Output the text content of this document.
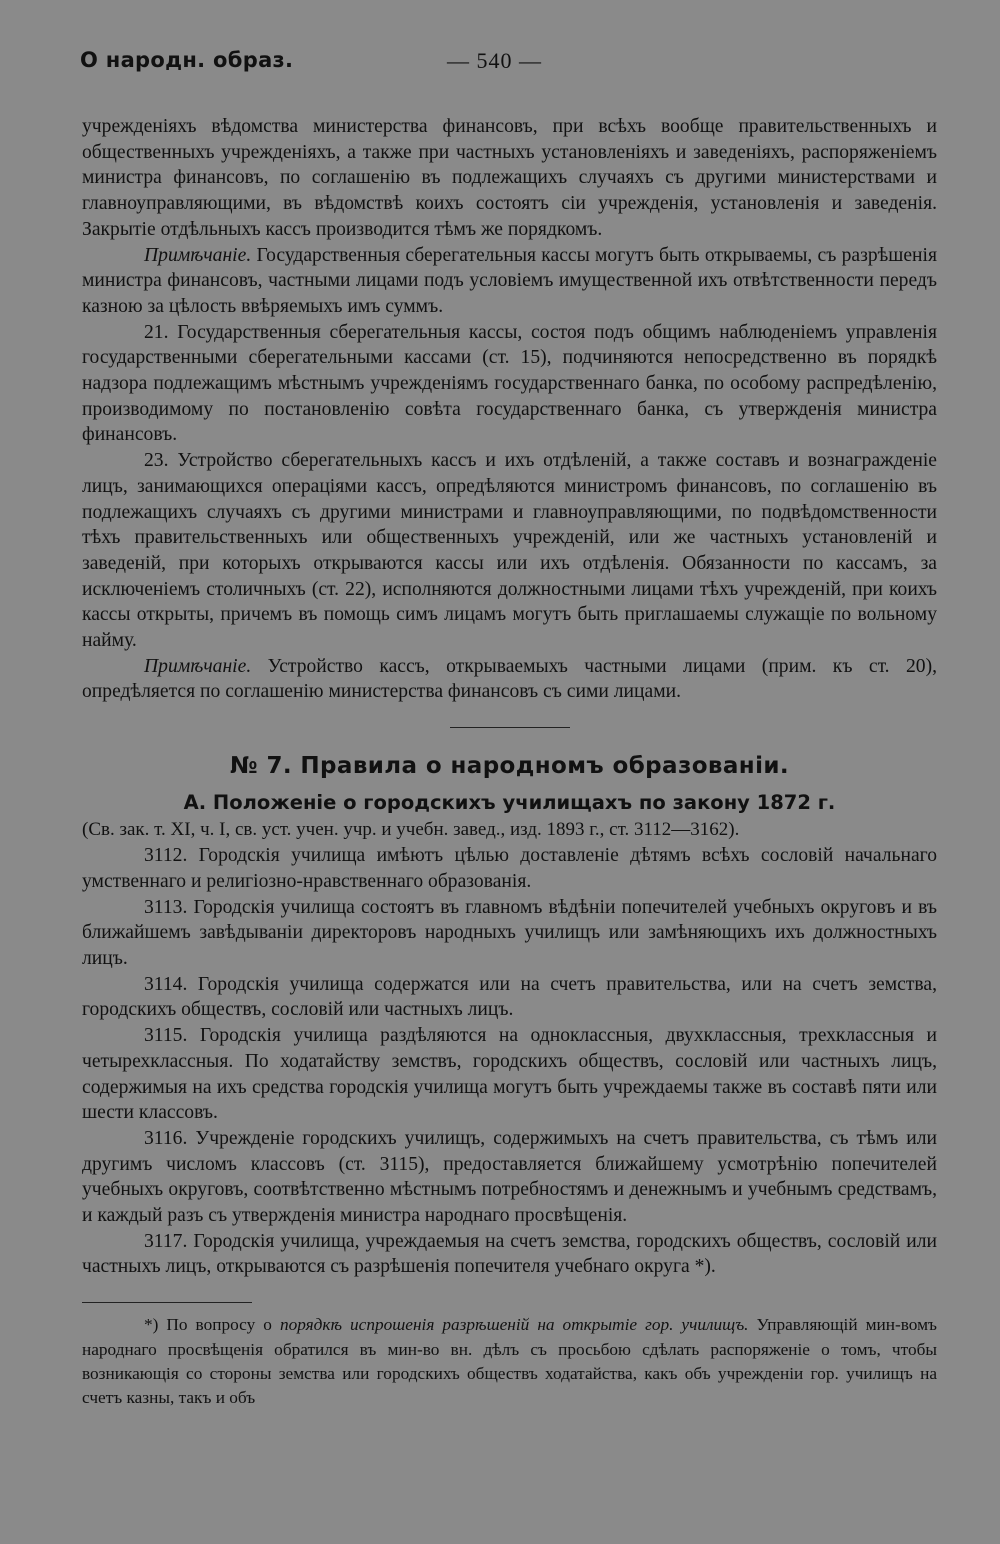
О народн. образ.	— 540 —

учрежденіяхъ вѣдомства министерства финансовъ, при всѣхъ вообще правительственныхъ и общественныхъ учрежденіяхъ, а также при частныхъ установленіяхъ и заведеніяхъ, распоряженіемъ министра финансовъ, по соглашенію въ подлежащихъ случаяхъ съ другими министерствами и главноуправляющими, въ вѣдомствѣ коихъ состоятъ сіи учрежденія, установленія и заведенія. Закрытіе отдѣльныхъ кассъ производится тѣмъ же порядкомъ.

Примѣчаніе. Государственныя сберегательныя кассы могутъ быть открываемы, съ разрѣшенія министра финансовъ, частными лицами подъ условіемъ имущественной ихъ отвѣтственности передъ казною за цѣлость ввѣряемыхъ имъ суммъ.

21. Государственныя сберегательныя кассы, состоя подъ общимъ наблюденіемъ управленія государственными сберегательными кассами (ст. 15), подчиняются непосредственно въ порядкѣ надзора подлежащимъ мѣстнымъ учрежденіямъ государственнаго банка, по особому распредѣленію, производимому по постановленію совѣта государственнаго банка, съ утвержденія министра финансовъ.

23. Устройство сберегательныхъ кассъ и ихъ отдѣленій, а также составъ и вознагражденіе лицъ, занимающихся операціями кассъ, опредѣляются министромъ финансовъ, по соглашенію въ подлежащихъ случаяхъ съ другими министрами и главноуправляющими, по подвѣдомственности тѣхъ правительственныхъ или общественныхъ учрежденій, или же частныхъ установленій и заведеній, при которыхъ открываются кассы или ихъ отдѣленія. Обязанности по кассамъ, за исключеніемъ столичныхъ (ст. 22), исполняются должностными лицами тѣхъ учрежденій, при коихъ кассы открыты, причемъ въ помощь симъ лицамъ могутъ быть приглашаемы служащіе по вольному найму.

Примѣчаніе. Устройство кассъ, открываемыхъ частными лицами (прим. къ ст. 20), опредѣляется по соглашенію министерства финансовъ съ сими лицами.

№ 7. Правила о народномъ образованіи.
А. Положеніе о городскихъ училищахъ по закону 1872 г.

(Св. зак. т. XI, ч. I, св. уст. учен. учр. и учебн. завед., изд. 1893 г., ст. 3112—3162).

3112. Городскія училища имѣютъ цѣлью доставленіе дѣтямъ всѣхъ сословій начальнаго умственнаго и религіозно-нравственнаго образованія.

3113. Городскія училища состоятъ въ главномъ вѣдѣніи попечителей учебныхъ округовъ и въ ближайшемъ завѣдываніи директоровъ народныхъ училищъ или замѣняющихъ ихъ должностныхъ лицъ.

3114. Городскія училища содержатся или на счетъ правительства, или на счетъ земства, городскихъ обществъ, сословій или частныхъ лицъ.

3115. Городскія училища раздѣляются на одноклассныя, двухклассныя, трехклассныя и четырехклассныя. По ходатайству земствъ, городскихъ обществъ, сословій или частныхъ лицъ, содержимыя на ихъ средства городскія училища могутъ быть учреждаемы также въ составѣ пяти или шести классовъ.

3116. Учрежденіе городскихъ училищъ, содержимыхъ на счетъ правительства, съ тѣмъ или другимъ числомъ классовъ (ст. 3115), предоставляется ближайшему усмотрѣнію попечителей учебныхъ округовъ, соотвѣтственно мѣстнымъ потребностямъ и денежнымъ и учебнымъ средствамъ, и каждый разъ съ утвержденія министра народнаго просвѣщенія.

3117. Городскія училища, учреждаемыя на счетъ земства, городскихъ обществъ, сословій или частныхъ лицъ, открываются съ разрѣшенія попечителя учебнаго округа *).

*) По вопросу о порядкѣ испрошенія разрѣшеній на открытіе гор. училищъ. Управляющій мин-вомъ народнаго просвѣщенія обратился въ мин-во вн. дѣлъ съ просьбою сдѣлать распоряженіе о томъ, чтобы возникающія со стороны земства или городскихъ обществъ ходатайства, какъ объ учрежденіи гор. училищъ на счетъ казны, такъ и объ
